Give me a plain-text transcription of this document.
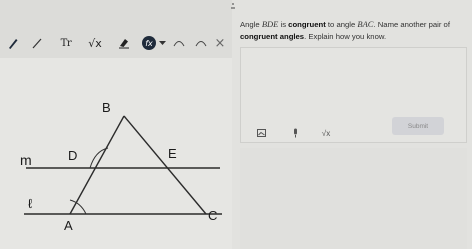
Tr √x	fx	×
B
D	E
m
ℓ
A
C
Angle BDE is congruent to angle BAC. Name another pair of congruent angles. Explain how you know.
√x
Submit
